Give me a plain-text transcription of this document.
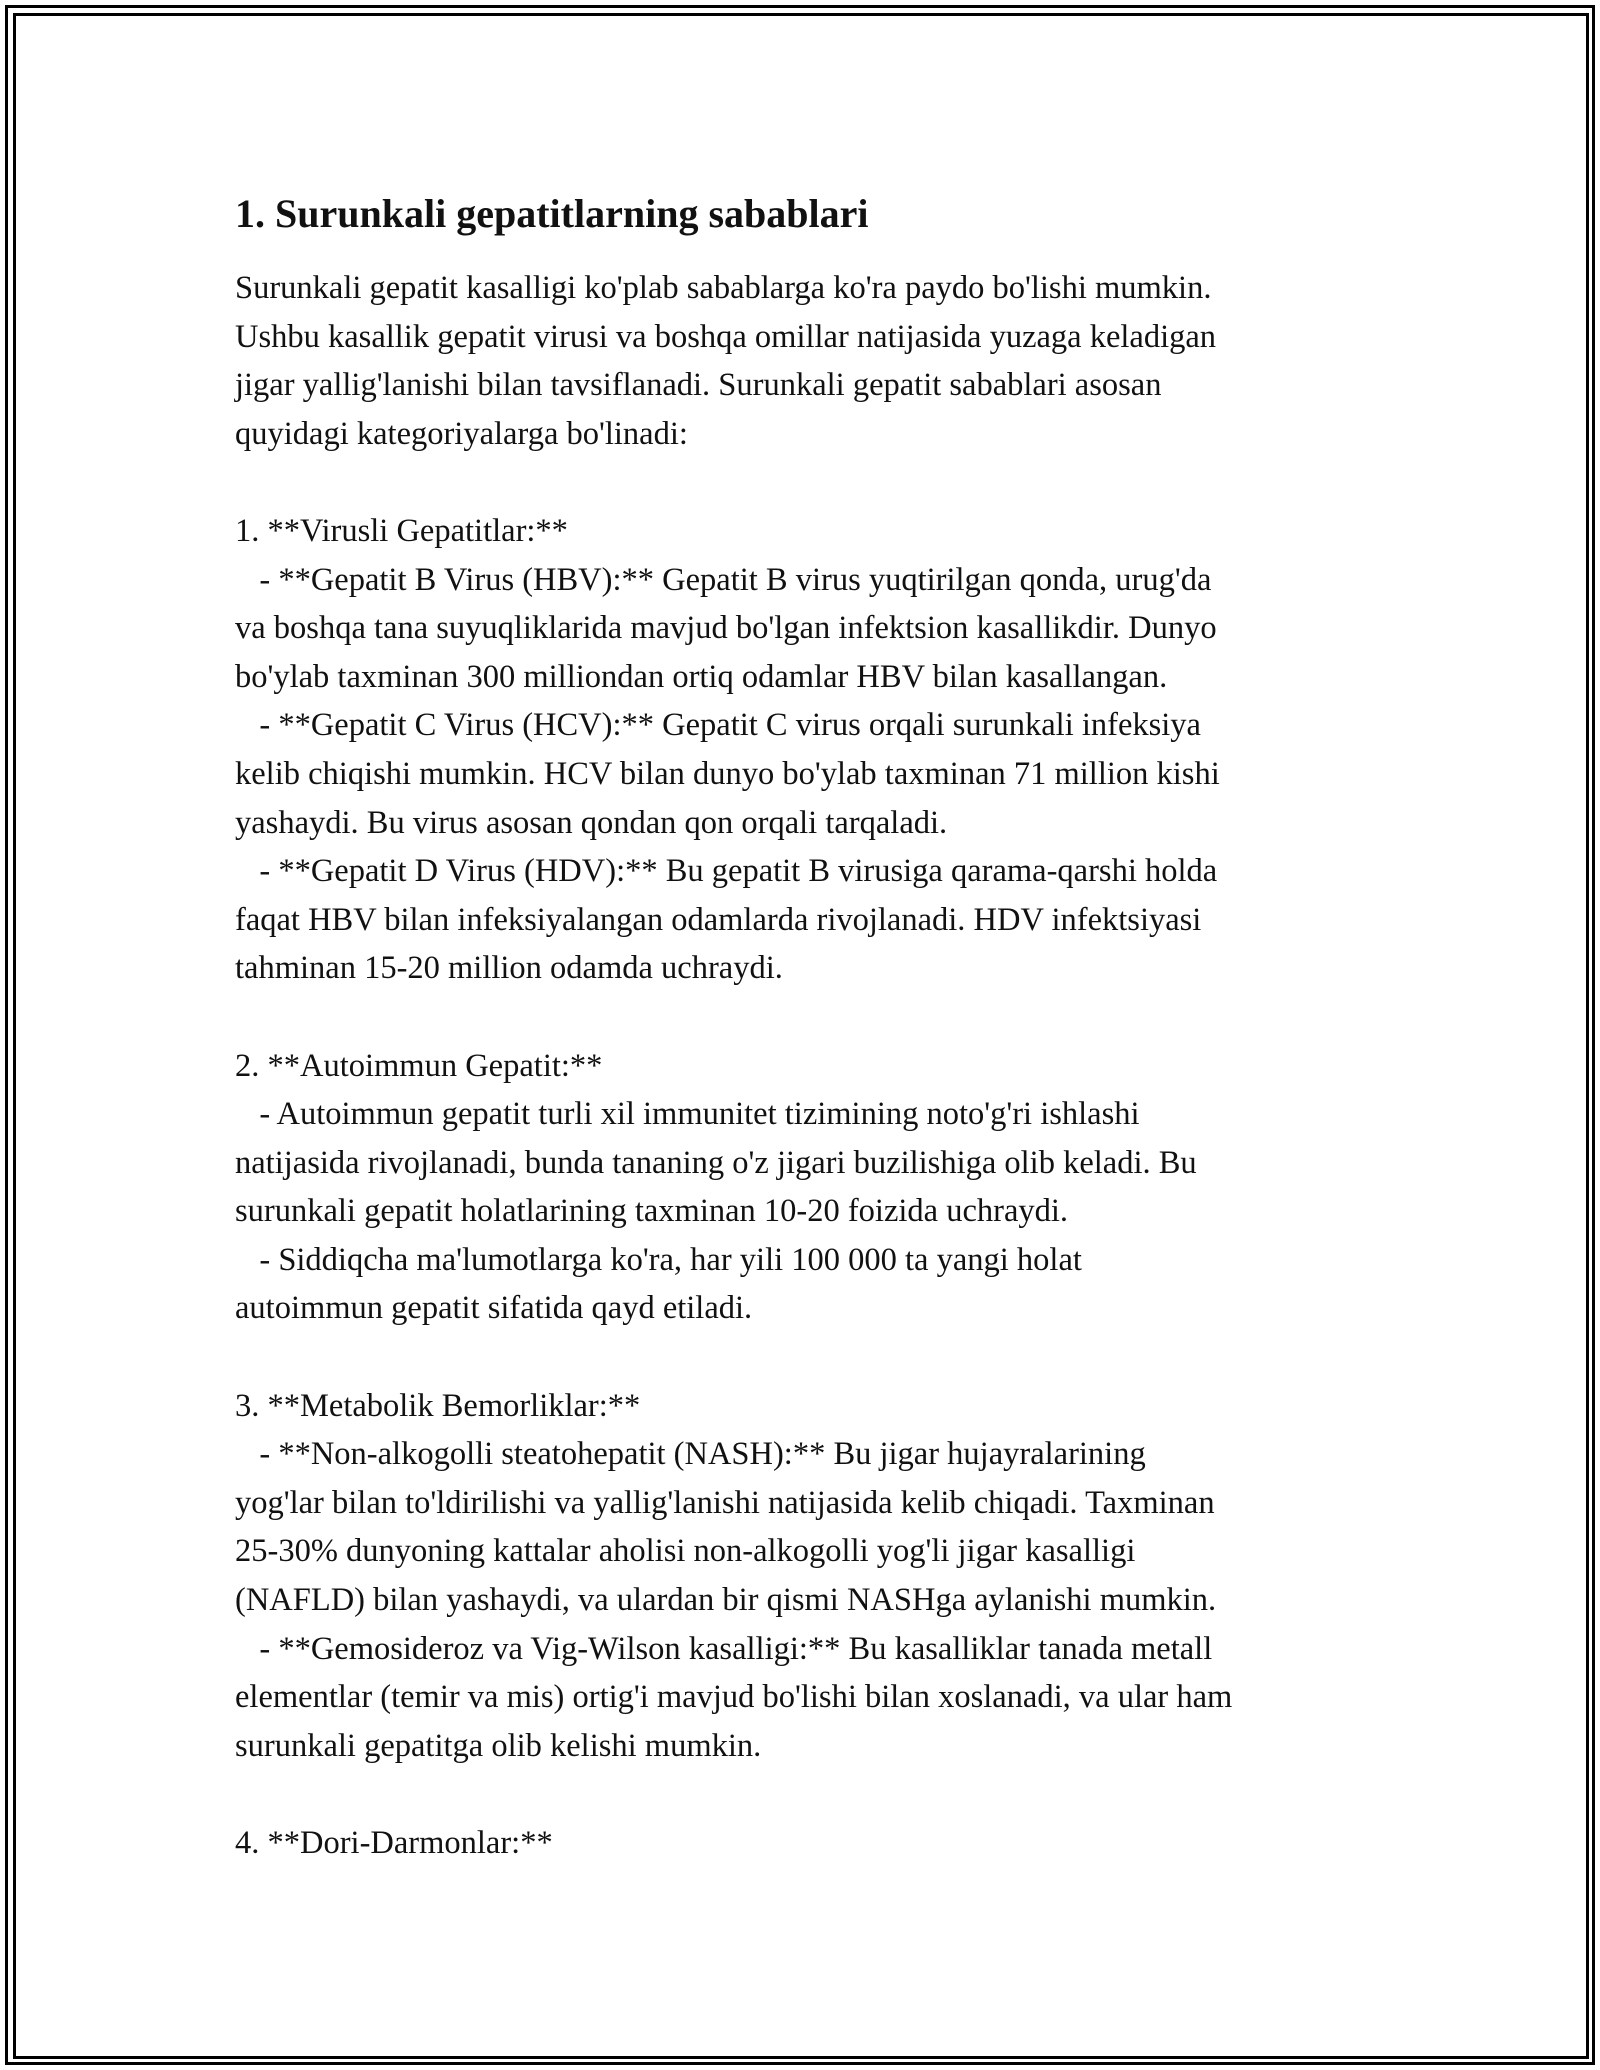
1. Surunkali gepatitlarning sabablari
Surunkali gepatit kasalligi ko'plab sabablarga ko'ra paydo bo'lishi mumkin.
Ushbu kasallik gepatit virusi va boshqa omillar natijasida yuzaga keladigan
jigar yallig'lanishi bilan tavsiflanadi. Surunkali gepatit sabablari asosan
quyidagi kategoriyalarga bo'linadi:
1. **Virusli Gepatitlar:**
- **Gepatit B Virus (HBV):** Gepatit B virus yuqtirilgan qonda, urug'da
va boshqa tana suyuqliklarida mavjud bo'lgan infektsion kasallikdir. Dunyo
bo'ylab taxminan 300 milliondan ortiq odamlar HBV bilan kasallangan.
- **Gepatit C Virus (HCV):** Gepatit C virus orqali surunkali infeksiya
kelib chiqishi mumkin. HCV bilan dunyo bo'ylab taxminan 71 million kishi
yashaydi. Bu virus asosan qondan qon orqali tarqaladi.
- **Gepatit D Virus (HDV):** Bu gepatit B virusiga qarama-qarshi holda
faqat HBV bilan infeksiyalangan odamlarda rivojlanadi. HDV infektsiyasi
tahminan 15-20 million odamda uchraydi.
2. **Autoimmun Gepatit:**
- Autoimmun gepatit turli xil immunitet tizimining noto'g'ri ishlashi
natijasida rivojlanadi, bunda tananing o'z jigari buzilishiga olib keladi. Bu
surunkali gepatit holatlarining taxminan 10-20 foizida uchraydi.
- Siddiqcha ma'lumotlarga ko'ra, har yili 100 000 ta yangi holat
autoimmun gepatit sifatida qayd etiladi.
3. **Metabolik Bemorliklar:**
- **Non-alkogolli steatohepatit (NASH):** Bu jigar hujayralarining
yog'lar bilan to'ldirilishi va yallig'lanishi natijasida kelib chiqadi. Taxminan
25-30% dunyoning kattalar aholisi non-alkogolli yog'li jigar kasalligi
(NAFLD) bilan yashaydi, va ulardan bir qismi NASHga aylanishi mumkin.
- **Gemosideroz va Vig-Wilson kasalligi:** Bu kasalliklar tanada metall
elementlar (temir va mis) ortig'i mavjud bo'lishi bilan xoslanadi, va ular ham
surunkali gepatitga olib kelishi mumkin.
4. **Dori-Darmonlar:**
